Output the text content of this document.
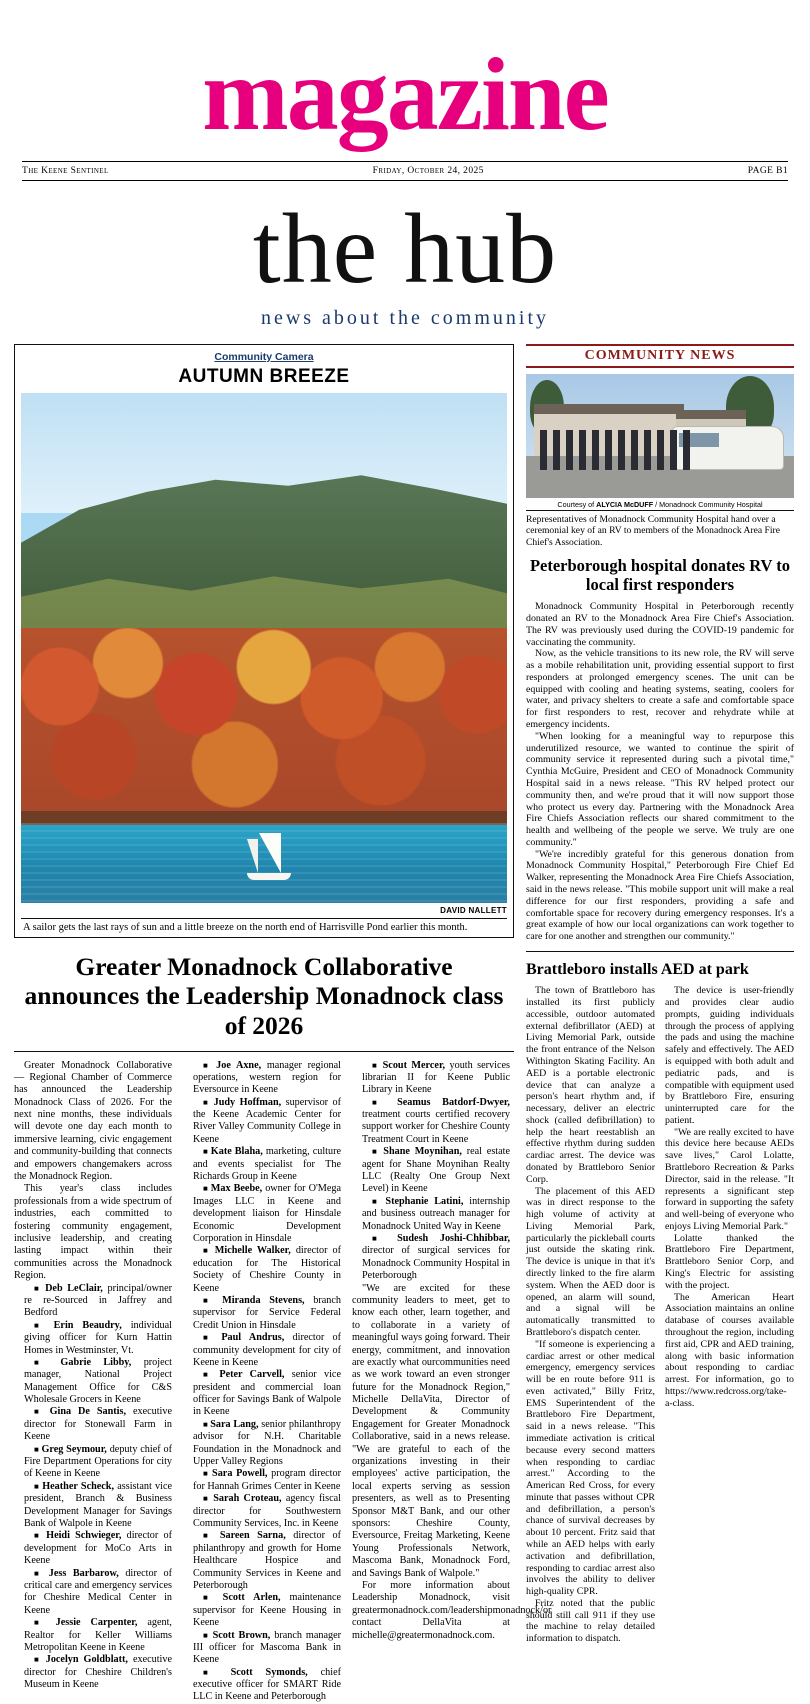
magazine
The Keene Sentinel	Friday, October 24, 2025	PAGE B1
the hub
news about the community
Community Camera
AUTUMN BREEZE
DAVID NALLETT
A sailor gets the last rays of sun and a little breeze on the north end of Harrisville Pond earlier this month.
Greater Monadnock Collaborative announces the Leadership Monadnock class of 2026

Greater Monadnock Collaborative — Regional Chamber of Commerce has announced the Leadership Monadnock Class of 2026. For the next nine months, these individuals will devote one day each month to immersive learning, civic engagement and community-building that connects and empowers changemakers across the Monadnock Region.

This year's class includes professionals from a wide spectrum of industries, each committed to fostering community engagement, inclusive leadership, and creating lasting impact within their communities across the Monadnock Region.

■ Deb LeClair, principal/owner re re-Sourced in Jaffrey and Bedford

■ Erin Beaudry, individual giving officer for Kurn Hattin Homes in Westminster, Vt.

■ Gabrie Libby, project manager, National Project Management Office for C&S Wholesale Grocers in Keene

■ Gina De Santis, executive director for Stonewall Farm in Keene

■ Greg Seymour, deputy chief of Fire Department Operations for city of Keene in Keene

■ Heather Scheck, assistant vice president, Branch & Business Development Manager for Savings Bank of Walpole in Keene

■ Heidi Schwieger, director of development for MoCo Arts in Keene

■ Jess Barbarow, director of critical care and emergency services for Cheshire Medical Center in Keene

■ Jessie Carpenter, agent, Realtor for Keller Williams Metropolitan Keene in Keene

■ Jocelyn Goldblatt, executive director for Cheshire Children's Museum in Keene

■ Joe Axne, manager regional operations, western region for Eversource in Keene

■ Judy Hoffman, supervisor of the Keene Academic Center for River Valley Community College in Keene

■ Kate Blaha, marketing, culture and events specialist for The Richards Group in Keene

■ Max Beebe, owner for O'Mega Images LLC in Keene and development liaison for Hinsdale Economic Development Corporation in Hinsdale

■ Michelle Walker, director of education for The Historical Society of Cheshire County in Keene

■ Miranda Stevens, branch supervisor for Service Federal Credit Union in Hinsdale

■ Paul Andrus, director of community development for city of Keene in Keene

■ Peter Carvell, senior vice president and commercial loan officer for Savings Bank of Walpole in Keene

■ Sara Lang, senior philanthropy advisor for N.H. Charitable Foundation in the Monadnock and Upper Valley Regions

■ Sara Powell, program director for Hannah Grimes Center in Keene

■ Sarah Croteau, agency fiscal director for Southwestern Community Services, Inc. in Keene

■ Sareen Sarna, director of philanthropy and growth for Home Healthcare Hospice and Community Services in Keene and Peterborough

■ Scott Arlen, maintenance supervisor for Keene Housing in Keene

■ Scott Brown, branch manager III officer for Mascoma Bank in Keene

■ Scott Symonds, chief executive officer for SMART Ride LLC in Keene and Peterborough

■ Scout Mercer, youth services librarian II for Keene Public Library in Keene

■ Seamus Batdorf-Dwyer, treatment courts certified recovery support worker for Cheshire County Treatment Court in Keene

■ Shane Moynihan, real estate agent for Shane Moynihan Realty LLC (Realty One Group Next Level) in Keene

■ Stephanie Latini, internship and business outreach manager for Monadnock United Way in Keene

■ Sudesh Joshi-Chhibbar, director of surgical services for Monadnock Community Hospital in Peterborough

"We are excited for these community leaders to meet, get to know each other, learn together, and to collaborate in a variety of meaningful ways going forward. Their energy, commitment, and innovation are exactly what ourcommunities need as we work toward an even stronger future for the Monadnock Region," Michelle DellaVita, Director of Development & Community Engagement for Greater Monadnock Collaborative, said in a news release. "We are grateful to each of the organizations investing in their employees' active participation, the local experts serving as session presenters, as well as to Presenting Sponsor M&T Bank, and our other sponsors: Cheshire County, Eversource, Freitag Marketing, Keene Young Professionals Network, Mascoma Bank, Monadnock Ford, and Savings Bank of Walpole."

For more information about Leadership Monadnock, visit greatermonadnock.com/leadershipmonadnock/or contact DellaVita at michelle@greatermonadnock.com.

COMMUNITY NEWS
Courtesy of ALYCIA McDUFF / Monadnock Community Hospital
Representatives of Monadnock Community Hospital hand over a ceremonial key of an RV to members of the Monadnock Area Fire Chief's Association.
Peterborough hospital donates RV to local first responders

Monadnock Community Hospital in Peterborough recently donated an RV to the Monadnock Area Fire Chief's Association. The RV was previously used during the COVID-19 pandemic for vaccinating the community.

Now, as the vehicle transitions to its new role, the RV will serve as a mobile rehabilitation unit, providing essential support to first responders at prolonged emergency scenes. The unit can be equipped with cooling and heating systems, seating, coolers for water, and privacy shelters to create a safe and comfortable space for first responders to rest, recover and rehydrate while at emergency incidents.

"When looking for a meaningful way to repurpose this underutilized resource, we wanted to continue the spirit of community service it represented during such a pivotal time," Cynthia McGuire, President and CEO of Monadnock Community Hospital said in a news release. "This RV helped protect our community then, and we're proud that it will now support those who protect us every day. Partnering with the Monadnock Area Fire Chiefs Association reflects our shared commitment to the health and wellbeing of the people we serve. We truly are one community."

"We're incredibly grateful for this generous donation from Monadnock Community Hospital," Peterborough Fire Chief Ed Walker, representing the Monadnock Area Fire Chiefs Association, said in the news release. "This mobile support unit will make a real difference for our first responders, providing a safe and comfortable space for recovery during emergency responses. It's a great example of how our local organizations can work together to care for one another and strengthen our community."

Brattleboro installs AED at park

The town of Brattleboro has installed its first publicly accessible, outdoor automated external defibrillator (AED) at Living Memorial Park, outside the front entrance of the Nelson Withington Skating Facility. An AED is a portable electronic device that can analyze a person's heart rhythm and, if necessary, deliver an electric shock (called defibrillation) to help the heart reestablish an effective rhythm during sudden cardiac arrest. The device was donated by Brattleboro Senior Corp.

The placement of this AED was in direct response to the high volume of activity at Living Memorial Park, particularly the pickleball courts just outside the skating rink. The device is unique in that it's directly linked to the fire alarm system. When the AED door is opened, an alarm will sound, and a signal will be automatically transmitted to Brattleboro's dispatch center.

"If someone is experiencing a cardiac arrest or other medical emergency, emergency services will be en route before 911 is even activated," Billy Fritz, EMS Superintendent of the Brattleboro Fire Department, said in a news release. "This immediate activation is critical because every second matters when responding to cardiac arrest." According to the American Red Cross, for every minute that passes without CPR and defibrillation, a person's chance of survival decreases by about 10 percent. Fritz said that while an AED helps with early activation and defibrillation, responding to cardiac arrest also involves the ability to deliver high-quality CPR.

Fritz noted that the public should still call 911 if they use the machine to relay detailed information to dispatch.

The device is user-friendly and provides clear audio prompts, guiding individuals through the process of applying the pads and using the machine safely and effectively. The AED is equipped with both adult and pediatric pads, and is compatible with equipment used by Brattleboro Fire, ensuring uninterrupted care for the patient.

"We are really excited to have this device here because AEDs save lives," Carol Lolatte, Brattleboro Recreation & Parks Director, said in the release. "It represents a significant step forward in supporting the safety and well-being of everyone who enjoys Living Memorial Park."

Lolatte thanked the Brattleboro Fire Department, Brattleboro Senior Corp, and King's Electric for assisting with the project.

The American Heart Association maintains an online database of courses available throughout the region, including first aid, CPR and AED training, along with basic information about responding to cardiac arrest. For information, go to https://www.redcross.org/take-a-class.
